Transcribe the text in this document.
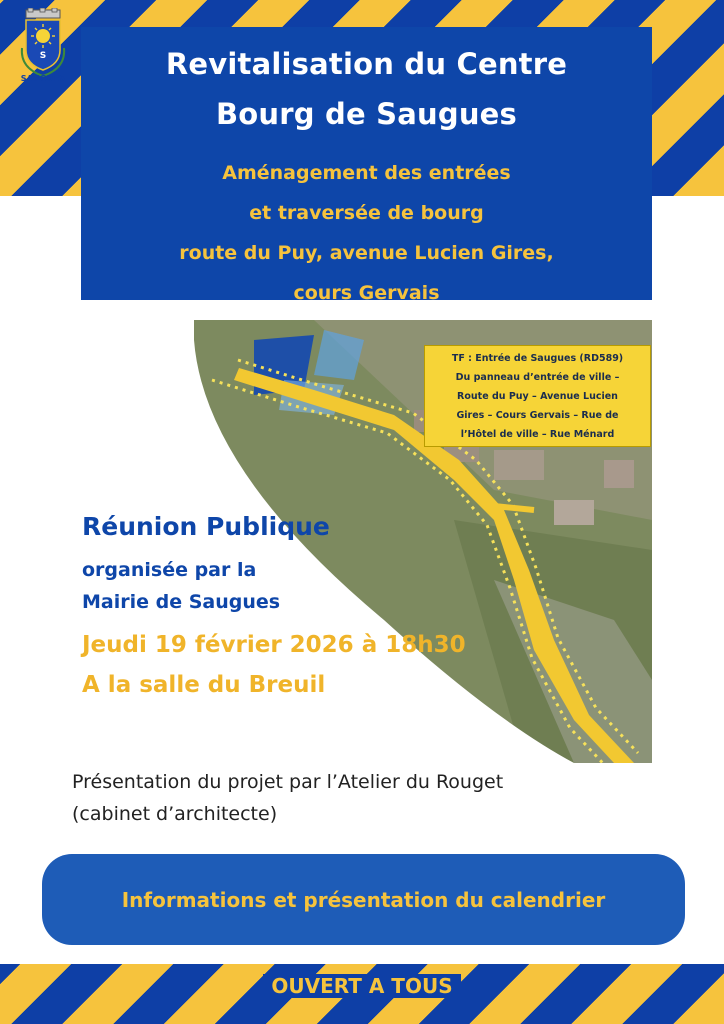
S
SAUGUES	Revitalisation du Centre
Bourg de Saugues
Aménagement des entrées
et traversée de bourg
route du Puy, avenue Lucien Gires,
cours Gervais
TF : Entrée de Saugues (RD589)
Du panneau d’entrée de ville –
Route du Puy – Avenue Lucien
Gires – Cours Gervais – Rue de
l’Hôtel de ville – Rue Ménard
Réunion Publique
organisée par la
Mairie de Saugues
Jeudi 19 février 2026 à 18h30
A la salle du Breuil
Présentation du projet par l’Atelier du Rouget
(cabinet d’architecte)
Informations et présentation du calendrier
OUVERT A TOUS
